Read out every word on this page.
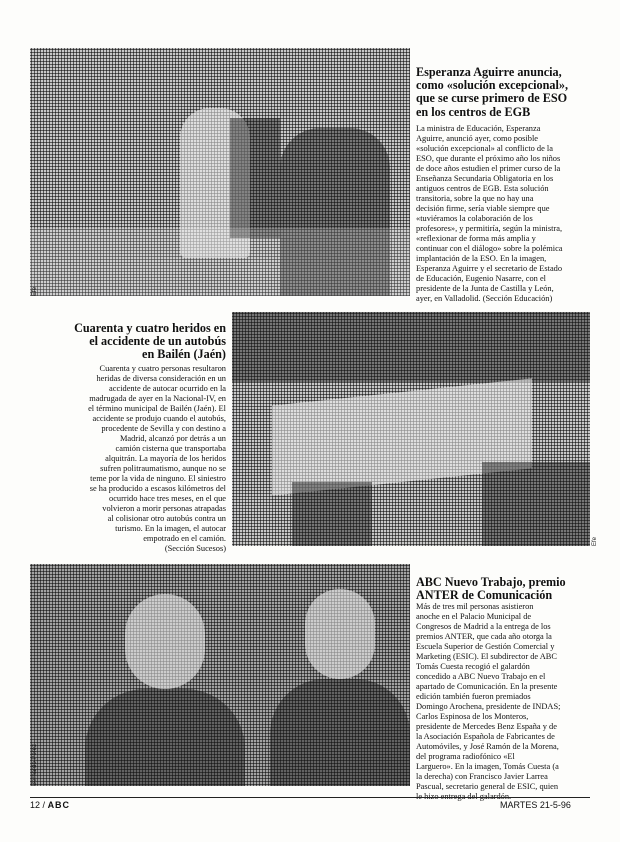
Efe
Esperanza Aguirre anuncia,
como «solución excepcional»,
que se curse primero de ESO
en los centros de EGB
La ministra de Educación, Esperanza
Aguirre, anunció ayer, como posible
«solución excepcional» al conflicto de la
ESO, que durante el próximo año los niños
de doce años estudien el primer curso de la
Enseñanza Secundaria Obligatoria en los
antiguos centros de EGB. Esta solución
transitoria, sobre la que no hay una
decisión firme, sería viable siempre que
«tuviéramos la colaboración de los
profesores», y permitiría, según la ministra,
«reflexionar de forma más amplia y
continuar con el diálogo» sobre la polémica
implantación de la ESO. En la imagen,
Esperanza Aguirre y el secretario de Estado
de Educación, Eugenio Nasarre, con el
presidente de la Junta de Castilla y León,
ayer, en Valladolid. (Sección Educación)
Cuarenta y cuatro heridos en
el accidente de un autobús
en Bailén (Jaén)
Cuarenta y cuatro personas resultaron
heridas de diversa consideración en un
accidente de autocar ocurrido en la
madrugada de ayer en la Nacional-IV, en
el término municipal de Bailén (Jaén). El
accidente se produjo cuando el autobús,
procedente de Sevilla y con destino a
Madrid, alcanzó por detrás a un
camión cisterna que transportaba
alquitrán. La mayoría de los heridos
sufren politraumatismo, aunque no se
teme por la vida de ninguno. El siniestro
se ha producido a escasos kilómetros del
ocurrido hace tres meses, en el que
volvieron a morir personas atrapadas
al colisionar otro autobús contra un
turismo. En la imagen, el autocar
empotrado en el camión.
(Sección Sucesos)
Efe
Bernardo Pérez
ABC Nuevo Trabajo, premio
ANTER de Comunicación
Más de tres mil personas asistieron
anoche en el Palacio Municipal de
Congresos de Madrid a la entrega de los
premios ANTER, que cada año otorga la
Escuela Superior de Gestión Comercial y
Marketing (ESIC). El subdirector de ABC
Tomás Cuesta recogió el galardón
concedido a ABC Nuevo Trabajo en el
apartado de Comunicación. En la presente
edición también fueron premiados
Domingo Arochena, presidente de INDAS;
Carlos Espinosa de los Monteros,
presidente de Mercedes Benz España y de
la Asociación Española de Fabricantes de
Automóviles, y José Ramón de la Morena,
del programa radiofónico «El
Larguero». En la imagen, Tomás Cuesta (a
la derecha) con Francisco Javier Larrea
Pascual, secretario general de ESIC, quien
12 / ABC	MARTES 21-5-96
